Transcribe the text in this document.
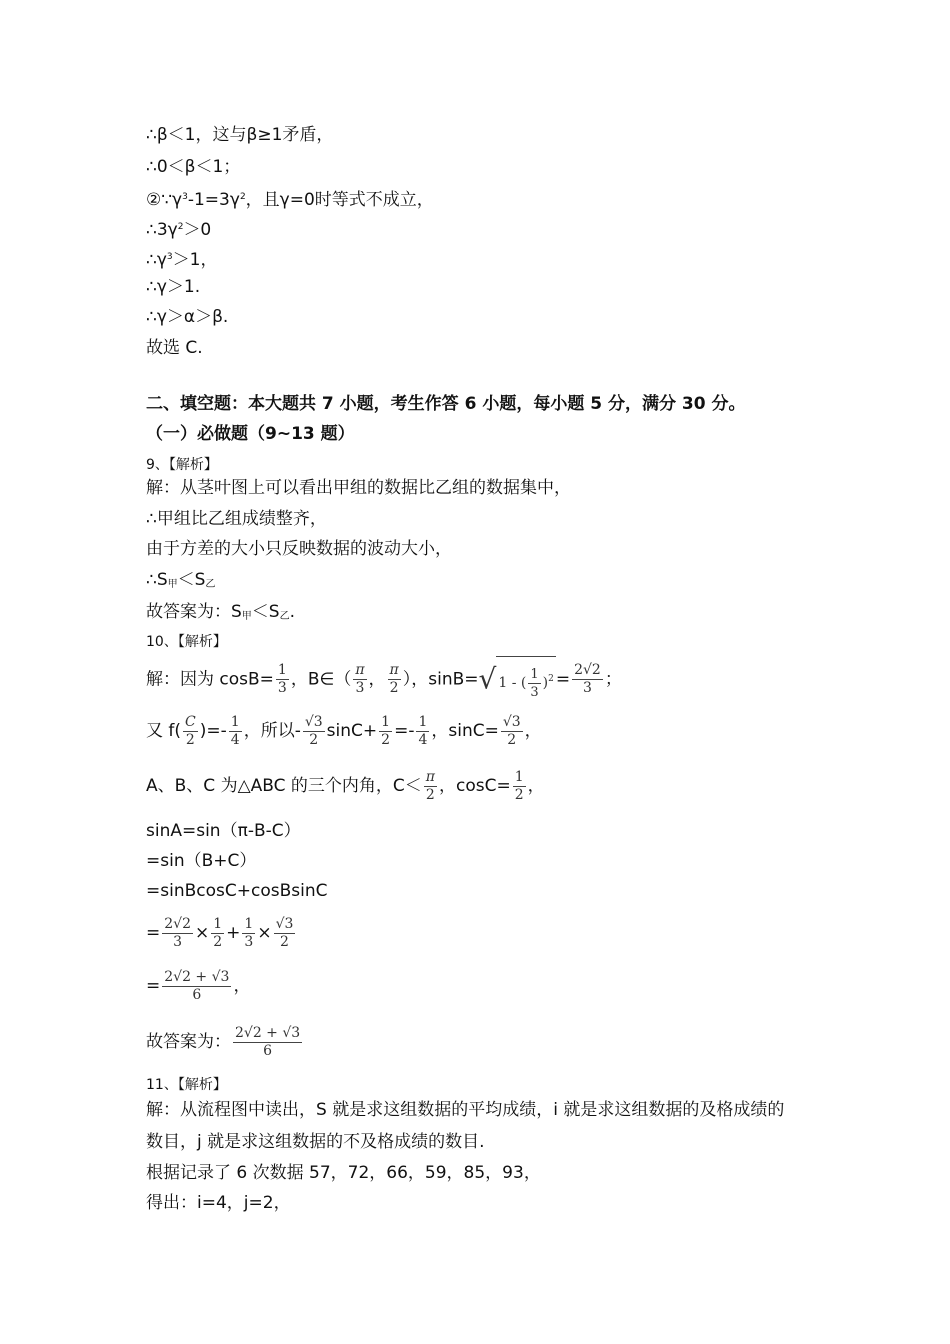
∴β＜1，这与β≥1矛盾，
∴0＜β＜1；
$②\because\gamma^3-1=3\gamma^2$，且γ=0时等式不成立，
$\therefore 3\gamma^2>0$
$\therefore\gamma^3>1$，
∴γ＞1.
∴γ＞α＞β.
故选 C.
二、填空题：本大题共 7 小题，考生作答 6 小题，每小题 5 分，满分 30 分。
（一）必做题（9~13 题）
9、【解析】
解：从茎叶图上可以看出甲组的数据比乙组的数据集中，
∴甲组比乙组成绩整齐，
由于方差的大小只反映数据的波动大小，
$\therefore S_甲<S_乙$
故答案为：$S_甲<S_乙$.
10、【解析】
解：因为 $\cos B= \frac{1}{3}$ ，B∈（ $\frac{\pi}{3}$ ， $\frac{\pi}{2}$ ），sinB=√ 1 - ( $\frac{1}{3} )^2 = \frac{2√2}{3}$ ；
又 $f( \frac{C}{2}$ )=- $\frac{1}{4}$ ，所以- $\frac{√3}{2} \sin C+ \frac{1}{2} =- \frac{1}{4}$ ，$\sin C= \frac{√3}{2}$ ，
A、B、C 为△ABC 的三个内角，$C< \frac{\pi}{2}$ ，$\cos C= \frac{1}{2}$ ，
sinA=sin（π-B-C）
=sin（B+C）
=sinBcosC+cosBsinC
= $\frac{2√2}{3} \times \frac{1}{2} + \frac{1}{3} \times \frac{√3}{2}$
= $\frac{2√2 + √3}{6}$ ，
故答案为： $\frac{2√2 + √3}{6}$
11、【解析】
解：从流程图中读出，S 就是求这组数据的平均成绩，i 就是求这组数据的及格成绩的
数目，j 就是求这组数据的不及格成绩的数目.
根据记录了 6 次数据 57，72，66，59，85，93，
得出：i=4，j=2，
